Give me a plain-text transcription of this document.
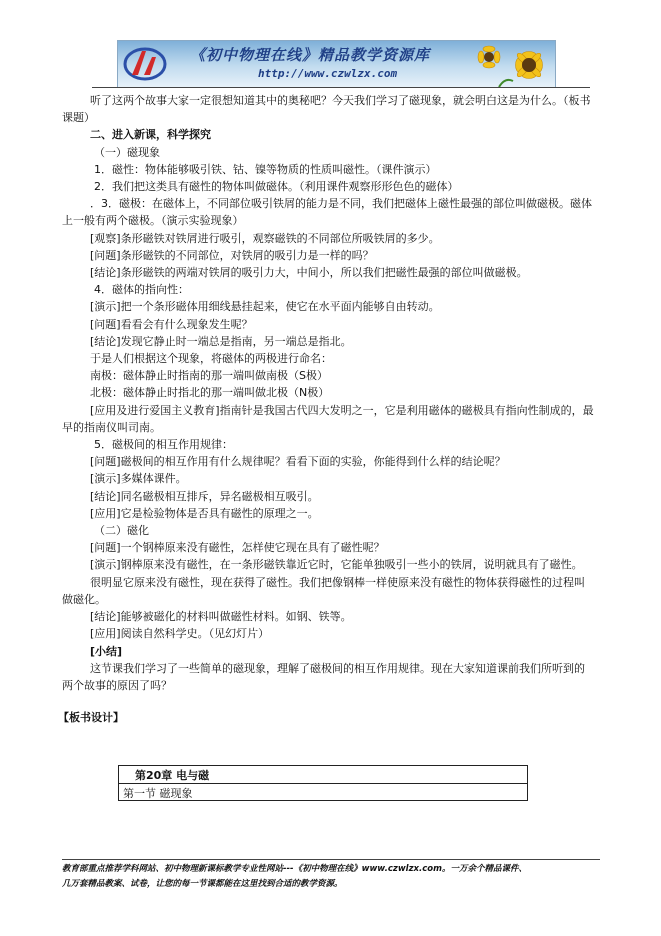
《初中物理在线》精品教学资源库
http://www.czwlzx.com

听了这两个故事大家一定很想知道其中的奥秘吧？今天我们学习了磁现象，就会明白这是为什么。（板书课题）

二、进入新课，科学探究

（一）磁现象

1．磁性：物体能够吸引铁、钴、镍等物质的性质叫磁性。（课件演示）

2．我们把这类具有磁性的物体叫做磁体。（利用课件观察形形色色的磁体）

．3．磁极：在磁体上，不同部位吸引铁屑的能力是不同，我们把磁体上磁性最强的部位叫做磁极。磁体上一般有两个磁极。（演示实验现象）

[观察]条形磁铁对铁屑进行吸引，观察磁铁的不同部位所吸铁屑的多少。

[问题]条形磁铁的不同部位，对铁屑的吸引力是一样的吗？

[结论]条形磁铁的两端对铁屑的吸引力大，中间小，所以我们把磁性最强的部位叫做磁极。

4．磁体的指向性：

[演示]把一个条形磁体用细线悬挂起来，使它在水平面内能够自由转动。

[问题]看看会有什么现象发生呢？

[结论]发现它静止时一端总是指南，另一端总是指北。

于是人们根据这个现象，将磁体的两极进行命名：

南极：磁体静止时指南的那一端叫做南极（S极）

北极：磁体静止时指北的那一端叫做北极（N极）

[应用及进行爱国主义教育]指南针是我国古代四大发明之一，它是利用磁体的磁极具有指向性制成的，最早的指南仪叫司南。

5．磁极间的相互作用规律：

[问题]磁极间的相互作用有什么规律呢？看看下面的实验，你能得到什么样的结论呢？

[演示]多媒体课件。

[结论]同名磁极相互排斥，异名磁极相互吸引。

[应用]它是检验物体是否具有磁性的原理之一。

（二）磁化

[问题]一个钢棒原来没有磁性，怎样使它现在具有了磁性呢？

[演示]钢棒原来没有磁性，在一条形磁铁靠近它时，它能单独吸引一些小的铁屑，说明就具有了磁性。

很明显它原来没有磁性，现在获得了磁性。我们把像钢棒一样使原来没有磁性的物体获得磁性的过程叫做磁化。

[结论]能够被磁化的材料叫做磁性材料。如钢、铁等。

[应用]阅读自然科学史。（见幻灯片）

[小结]

这节课我们学习了一些简单的磁现象，理解了磁极间的相互作用规律。现在大家知道课前我们所听到的两个故事的原因了吗？

【板书设计】

第20章 电与磁
第一节 磁现象

教育部重点推荐学科网站、初中物理新课标教学专业性网站---《初中物理在线》www.czwlzx.com。一万余个精品课件、

几万套精品教案、试卷，让您的每一节课都能在这里找到合适的教学资源。
